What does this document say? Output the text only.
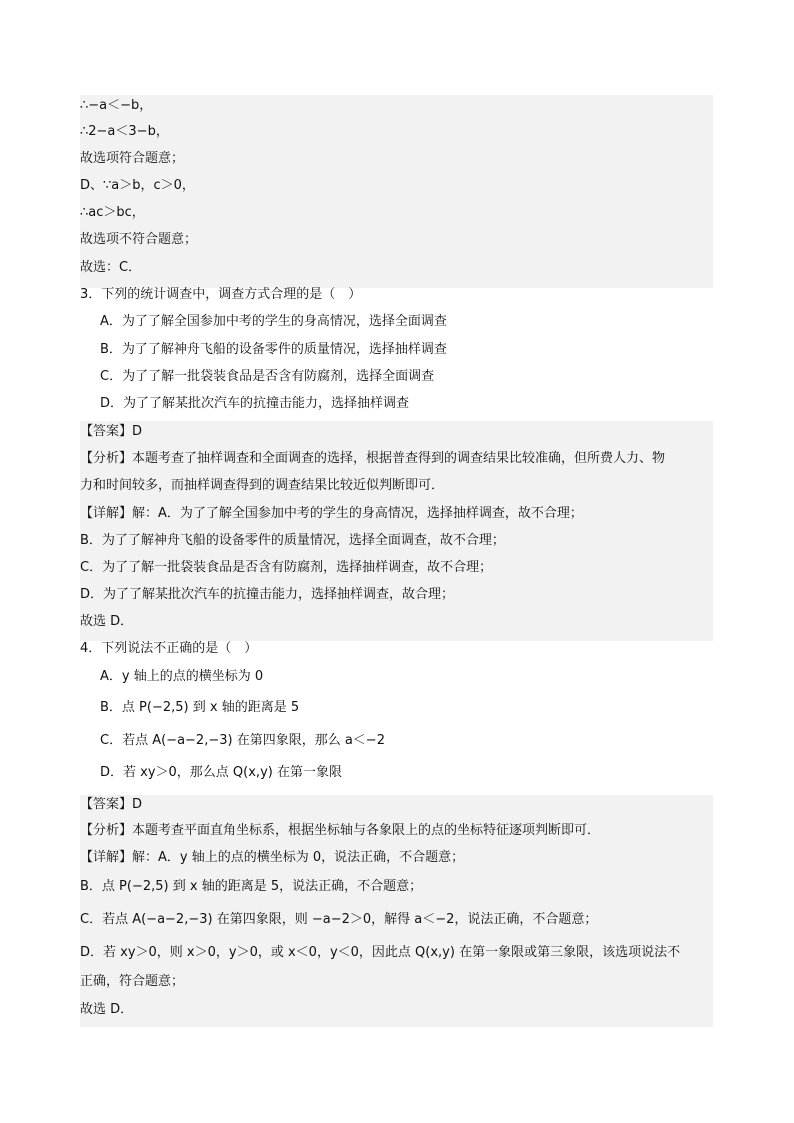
∴−a＜−b，
∴2−a＜3−b，
故选项符合题意；
D、∵a＞b，c＞0，
∴ac＞bc，
故选项不符合题意；
故选：C．
3．下列的统计调查中，调查方式合理的是（　）
A．为了了解全国参加中考的学生的身高情况，选择全面调查
B．为了了解神舟飞船的设备零件的质量情况，选择抽样调查
C．为了了解一批袋装食品是否含有防腐剂，选择全面调查
D．为了了解某批次汽车的抗撞击能力，选择抽样调查
【答案】D
【分析】本题考查了抽样调查和全面调查的选择，根据普查得到的调查结果比较准确，但所费人力、物
力和时间较多，而抽样调查得到的调查结果比较近似判断即可．
【详解】解：A．为了了解全国参加中考的学生的身高情况，选择抽样调查，故不合理；
B．为了了解神舟飞船的设备零件的质量情况，选择全面调查，故不合理；
C．为了了解一批袋装食品是否含有防腐剂，选择抽样调查，故不合理；
D．为了了解某批次汽车的抗撞击能力，选择抽样调查，故合理；
故选 D．
4．下列说法不正确的是（　）
A．y 轴上的点的横坐标为 0
B．点 P(−2,5) 到 x 轴的距离是 5
C．若点 A(−a−2,−3) 在第四象限，那么 a＜−2
D．若 xy＞0，那么点 Q(x,y) 在第一象限
【答案】D
【分析】本题考查平面直角坐标系，根据坐标轴与各象限上的点的坐标特征逐项判断即可．
【详解】解：A．y 轴上的点的横坐标为 0，说法正确，不合题意；
B．点 P(−2,5) 到 x 轴的距离是 5，说法正确，不合题意；
C．若点 A(−a−2,−3) 在第四象限，则 −a−2＞0，解得 a＜−2，说法正确，不合题意；
D．若 xy＞0，则 x＞0，y＞0，或 x＜0，y＜0，因此点 Q(x,y) 在第一象限或第三象限，该选项说法不
正确，符合题意；
故选 D．
